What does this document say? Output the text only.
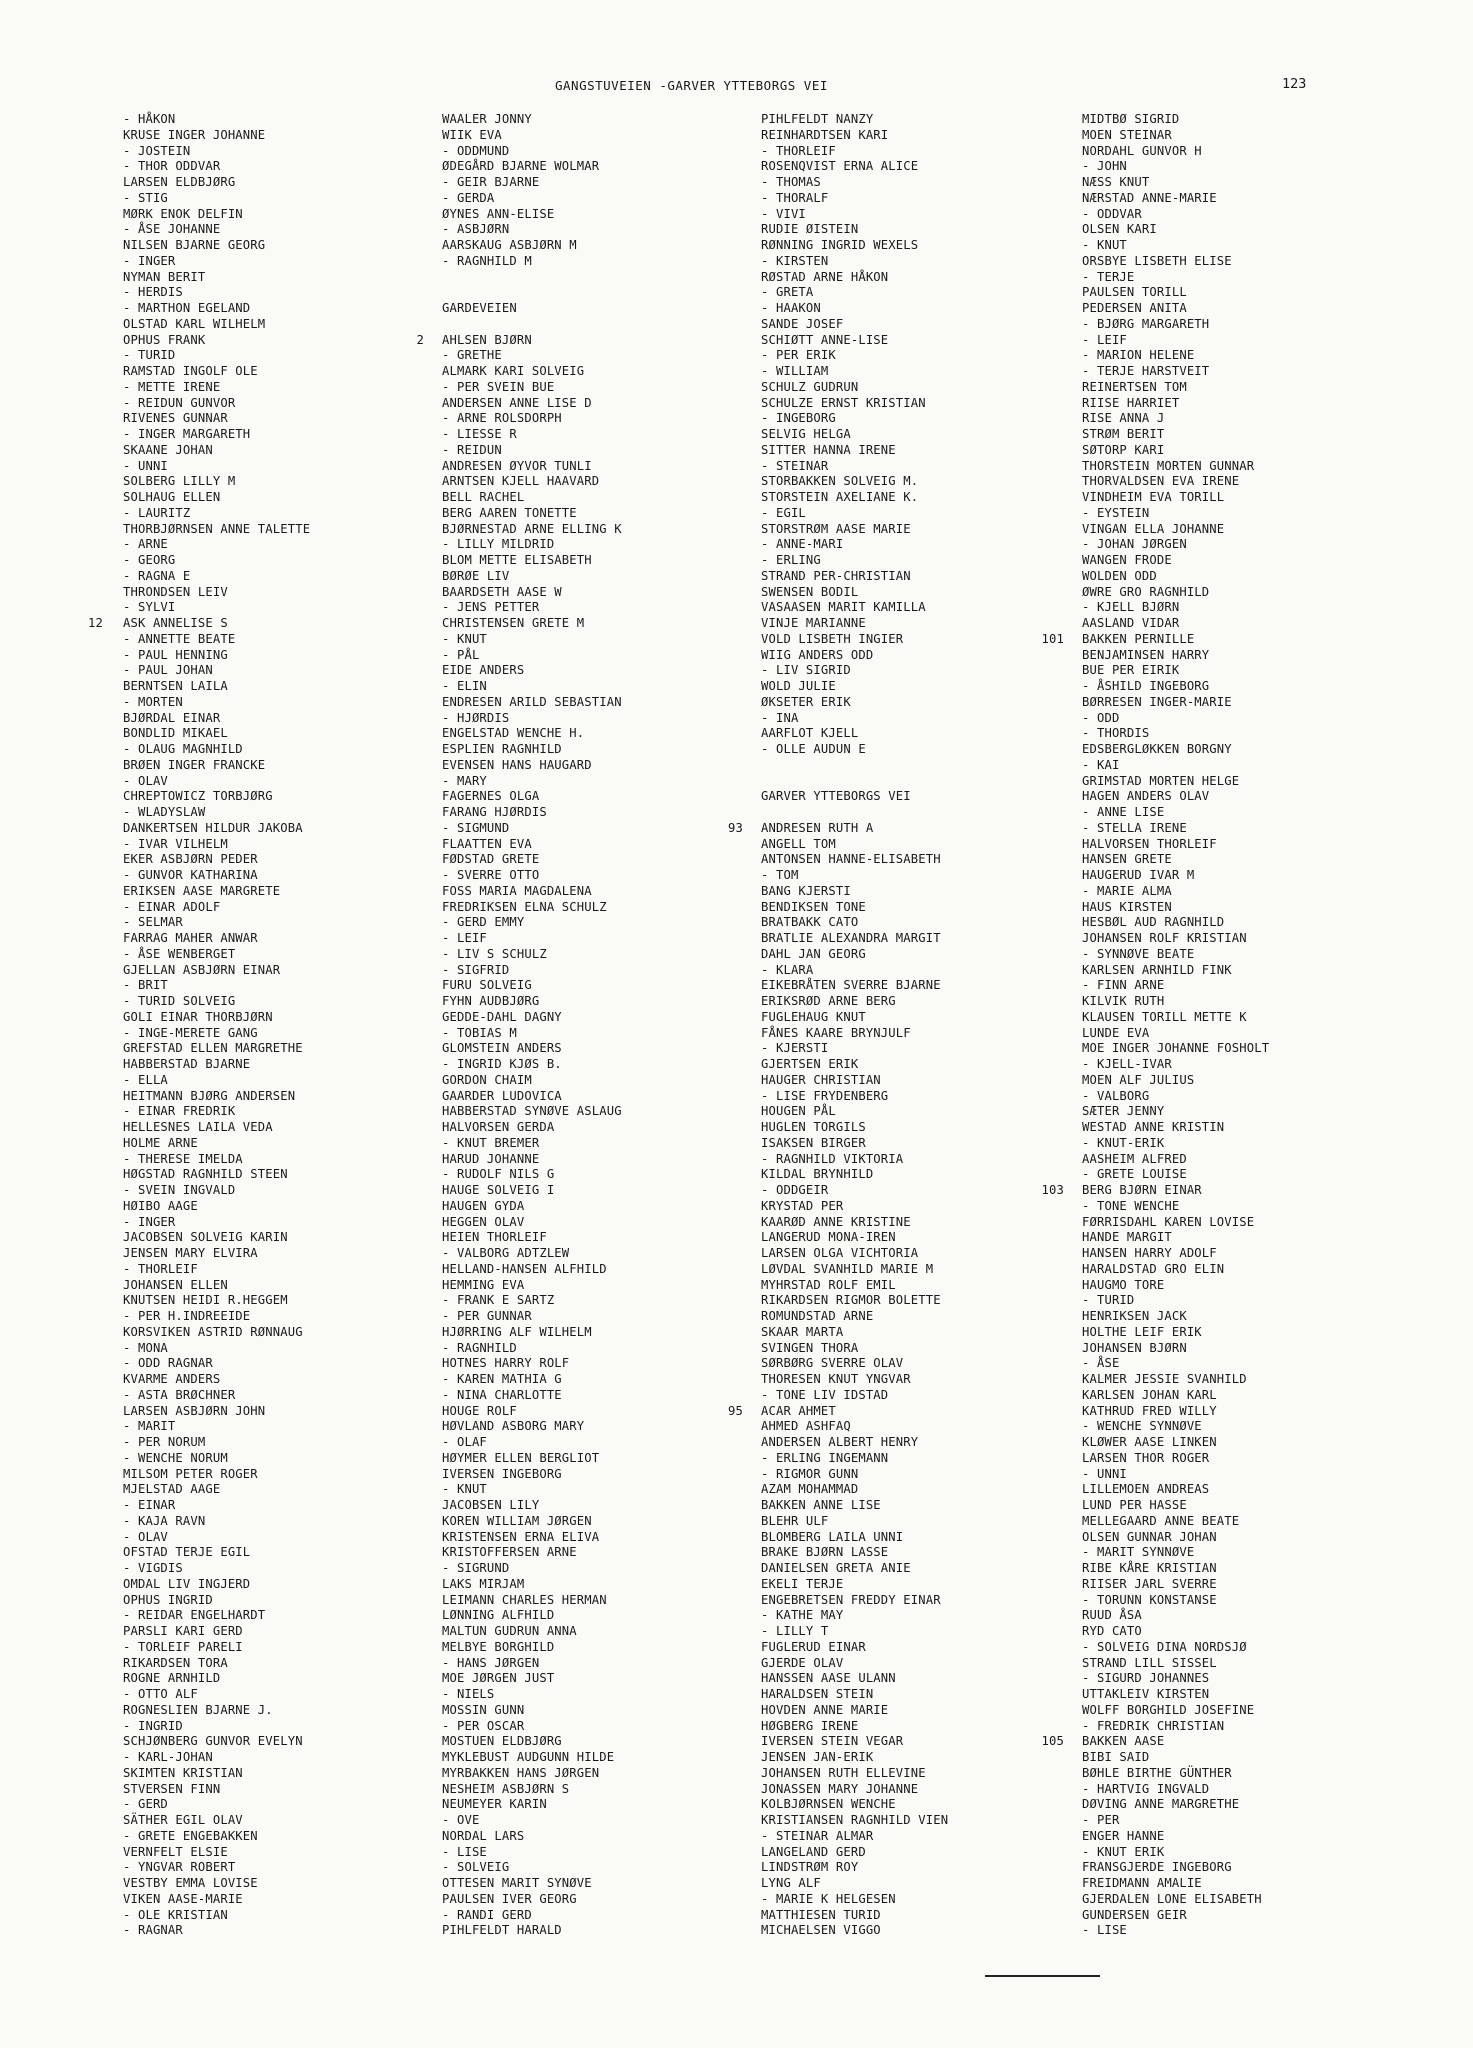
GANGSTUVEIEN -GARVER YTTEBORGS VEI	123
- HÅKON
KRUSE INGER JOHANNE
- JOSTEIN
- THOR ODDVAR
LARSEN ELDBJØRG
- STIG
MØRK ENOK DELFIN
- ÅSE JOHANNE
NILSEN BJARNE GEORG
- INGER
NYMAN BERIT
- HERDIS
- MARTHON EGELAND
OLSTAD KARL WILHELM
OPHUS FRANK
- TURID
RAMSTAD INGOLF OLE
- METTE IRENE
- REIDUN GUNVOR
RIVENES GUNNAR
- INGER MARGARETH
SKAANE JOHAN
- UNNI
SOLBERG LILLY M
SOLHAUG ELLEN
- LAURITZ
THORBJØRNSEN ANNE TALETTE
- ARNE
- GEORG
- RAGNA E
THRONDSEN LEIV
- SYLVI
12 ASK ANNELISE S
- ANNETTE BEATE
- PAUL HENNING
- PAUL JOHAN
BERNTSEN LAILA
- MORTEN
BJØRDAL EINAR
BONDLID MIKAEL
- OLAUG MAGNHILD
BRØEN INGER FRANCKE
- OLAV
CHREPTOWICZ TORBJØRG
- WLADYSLAW
DANKERTSEN HILDUR JAKOBA
- IVAR VILHELM
EKER ASBJØRN PEDER
- GUNVOR KATHARINA
ERIKSEN AASE MARGRETE
- EINAR ADOLF
- SELMAR
FARRAG MAHER ANWAR
- ÅSE WENBERGET
GJELLAN ASBJØRN EINAR
- BRIT
- TURID SOLVEIG
GOLI EINAR THORBJØRN
- INGE-MERETE GANG
GREFSTAD ELLEN MARGRETHE
HABBERSTAD BJARNE
- ELLA
HEITMANN BJØRG ANDERSEN
- EINAR FREDRIK
HELLESNES LAILA VEDA
HOLME ARNE
- THERESE IMELDA
HØGSTAD RAGNHILD STEEN
- SVEIN INGVALD
HØIBO AAGE
- INGER
JACOBSEN SOLVEIG KARIN
JENSEN MARY ELVIRA
- THORLEIF
JOHANSEN ELLEN
KNUTSEN HEIDI R.HEGGEM
- PER H.INDREEIDE
KORSVIKEN ASTRID RØNNAUG
- MONA
- ODD RAGNAR
KVARME ANDERS
- ASTA BRØCHNER
LARSEN ASBJØRN JOHN
- MARIT
- PER NORUM
- WENCHE NORUM
MILSOM PETER ROGER
MJELSTAD AAGE
- EINAR
- KAJA RAVN
- OLAV
OFSTAD TERJE EGIL
- VIGDIS
OMDAL LIV INGJERD
OPHUS INGRID
- REIDAR ENGELHARDT
PARSLI KARI GERD
- TORLEIF PARELI
RIKARDSEN TORA
ROGNE ARNHILD
- OTTO ALF
ROGNESLIEN BJARNE J.
- INGRID
SCHJØNBERG GUNVOR EVELYN
- KARL-JOHAN
SKIMTEN KRISTIAN
STVERSEN FINN
- GERD
SÄTHER EGIL OLAV
- GRETE ENGEBAKKEN
VERNFELT ELSIE
- YNGVAR ROBERT
VESTBY EMMA LOVISE
VIKEN AASE-MARIE
- OLE KRISTIAN
- RAGNAR
WAALER JONNY
WIIK EVA
- ODDMUND
ØDEGÅRD BJARNE WOLMAR
- GEIR BJARNE
- GERDA
ØYNES ANN-ELISE
- ASBJØRN
AARSKAUG ASBJØRN M
- RAGNHILD M
GARDEVEIEN
2 AHLSEN BJØRN
- GRETHE
ALMARK KARI SOLVEIG
- PER SVEIN BUE
ANDERSEN ANNE LISE D
- ARNE ROLSDORPH
- LIESSE R
- REIDUN
ANDRESEN ØYVOR TUNLI
ARNTSEN KJELL HAAVARD
BELL RACHEL
BERG AAREN TONETTE
BJØRNESTAD ARNE ELLING K
- LILLY MILDRID
BLOM METTE ELISABETH
BØRØE LIV
BAARDSETH AASE W
- JENS PETTER
CHRISTENSEN GRETE M
- KNUT
- PÅL
EIDE ANDERS
- ELIN
ENDRESEN ARILD SEBASTIAN
- HJØRDIS
ENGELSTAD WENCHE H.
ESPLIEN RAGNHILD
EVENSEN HANS HAUGARD
- MARY
FAGERNES OLGA
FARANG HJØRDIS
- SIGMUND
FLAATTEN EVA
FØDSTAD GRETE
- SVERRE OTTO
FOSS MARIA MAGDALENA
FREDRIKSEN ELNA SCHULZ
- GERD EMMY
- LEIF
- LIV S SCHULZ
- SIGFRID
FURU SOLVEIG
FYHN AUDBJØRG
GEDDE-DAHL DAGNY
- TOBIAS M
GLOMSTEIN ANDERS
- INGRID KJØS B.
GORDON CHAIM
GAARDER LUDOVICA
HABBERSTAD SYNØVE ASLAUG
HALVORSEN GERDA
- KNUT BREMER
HARUD JOHANNE
- RUDOLF NILS G
HAUGE SOLVEIG I
HAUGEN GYDA
HEGGEN OLAV
HEIEN THORLEIF
- VALBORG ADTZLEW
HELLAND-HANSEN ALFHILD
HEMMING EVA
- FRANK E SARTZ
- PER GUNNAR
HJØRRING ALF WILHELM
- RAGNHILD
HOTNES HARRY ROLF
- KAREN MATHIA G
- NINA CHARLOTTE
HOUGE ROLF
HØVLAND ASBORG MARY
- OLAF
HØYMER ELLEN BERGLIOT
IVERSEN INGEBORG
- KNUT
JACOBSEN LILY
KOREN WILLIAM JØRGEN
KRISTENSEN ERNA ELIVA
KRISTOFFERSEN ARNE
- SIGRUND
LAKS MIRJAM
LEIMANN CHARLES HERMAN
LØNNING ALFHILD
MALTUN GUDRUN ANNA
MELBYE BORGHILD
- HANS JØRGEN
MOE JØRGEN JUST
- NIELS
MOSSIN GUNN
- PER OSCAR
MOSTUEN ELDBJØRG
MYKLEBUST AUDGUNN HILDE
MYRBAKKEN HANS JØRGEN
NESHEIM ASBJØRN S
NEUMEYER KARIN
- OVE
NORDAL LARS
- LISE
- SOLVEIG
OTTESEN MARIT SYNØVE
PAULSEN IVER GEORG
- RANDI GERD
PIHLFELDT HARALD
PIHLFELDT NANZY
REINHARDTSEN KARI
- THORLEIF
ROSENQVIST ERNA ALICE
- THOMAS
- THORALF
- VIVI
RUDIE ØISTEIN
RØNNING INGRID WEXELS
- KIRSTEN
RØSTAD ARNE HÅKON
- GRETA
- HAAKON
SANDE JOSEF
SCHIØTT ANNE-LISE
- PER ERIK
- WILLIAM
SCHULZ GUDRUN
SCHULZE ERNST KRISTIAN
- INGEBORG
SELVIG HELGA
SITTER HANNA IRENE
- STEINAR
STORBAKKEN SOLVEIG M.
STORSTEIN AXELIANE K.
- EGIL
STORSTRØM AASE MARIE
- ANNE-MARI
- ERLING
STRAND PER-CHRISTIAN
SWENSEN BODIL
VASAASEN MARIT KAMILLA
VINJE MARIANNE
VOLD LISBETH INGIER
WIIG ANDERS ODD
- LIV SIGRID
WOLD JULIE
ØKSETER ERIK
- INA
AARFLOT KJELL
- OLLE AUDUN E
GARVER YTTEBORGS VEI
93 ANDRESEN RUTH A
ANGELL TOM
ANTONSEN HANNE-ELISABETH
- TOM
BANG KJERSTI
BENDIKSEN TONE
BRATBAKK CATO
BRATLIE ALEXANDRA MARGIT
DAHL JAN GEORG
- KLARA
EIKEBRÅTEN SVERRE BJARNE
ERIKSRØD ARNE BERG
FUGLEHAUG KNUT
FÅNES KAARE BRYNJULF
- KJERSTI
GJERTSEN ERIK
HAUGER CHRISTIAN
- LISE FRYDENBERG
HOUGEN PÅL
HUGLEN TORGILS
ISAKSEN BIRGER
- RAGNHILD VIKTORIA
KILDAL BRYNHILD
- ODDGEIR
KRYSTAD PER
KAARØD ANNE KRISTINE
LANGERUD MONA-IREN
LARSEN OLGA VICHTORIA
LØVDAL SVANHILD MARIE M
MYHRSTAD ROLF EMIL
RIKARDSEN RIGMOR BOLETTE
ROMUNDSTAD ARNE
SKAAR MARTA
SVINGEN THORA
SØRBØRG SVERRE OLAV
THORESEN KNUT YNGVAR
- TONE LIV IDSTAD
95 ACAR AHMET
AHMED ASHFAQ
ANDERSEN ALBERT HENRY
- ERLING INGEMANN
- RIGMOR GUNN
AZAM MOHAMMAD
BAKKEN ANNE LISE
BLEHR ULF
BLOMBERG LAILA UNNI
BRAKE BJØRN LASSE
DANIELSEN GRETA ANIE
EKELI TERJE
ENGEBRETSEN FREDDY EINAR
- KATHE MAY
- LILLY T
FUGLERUD EINAR
GJERDE OLAV
HANSSEN AASE ULANN
HARALDSEN STEIN
HOVDEN ANNE MARIE
HØGBERG IRENE
IVERSEN STEIN VEGAR
JENSEN JAN-ERIK
JOHANSEN RUTH ELLEVINE
JONASSEN MARY JOHANNE
KOLBJØRNSEN WENCHE
KRISTIANSEN RAGNHILD VIEN
- STEINAR ALMAR
LANGELAND GERD
LINDSTRØM ROY
LYNG ALF
- MARIE K HELGESEN
MATTHIESEN TURID
MICHAELSEN VIGGO
MIDTBØ SIGRID
MOEN STEINAR
NORDAHL GUNVOR H
- JOHN
NÆSS KNUT
NÆRSTAD ANNE-MARIE
- ODDVAR
OLSEN KARI
- KNUT
ORSBYE LISBETH ELISE
- TERJE
PAULSEN TORILL
PEDERSEN ANITA
- BJØRG MARGARETH
- LEIF
- MARION HELENE
- TERJE HARSTVEIT
REINERTSEN TOM
RIISE HARRIET
RISE ANNA J
STRØM BERIT
SØTORP KARI
THORSTEIN MORTEN GUNNAR
THORVALDSEN EVA IRENE
VINDHEIM EVA TORILL
- EYSTEIN
VINGAN ELLA JOHANNE
- JOHAN JØRGEN
WANGEN FRODE
WOLDEN ODD
ØWRE GRO RAGNHILD
- KJELL BJØRN
AASLAND VIDAR
101 BAKKEN PERNILLE
BENJAMINSEN HARRY
BUE PER EIRIK
- ÅSHILD INGEBORG
BØRRESEN INGER-MARIE
- ODD
- THORDIS
EDSBERGLØKKEN BORGNY
- KAI
GRIMSTAD MORTEN HELGE
HAGEN ANDERS OLAV
- ANNE LISE
- STELLA IRENE
HALVORSEN THORLEIF
HANSEN GRETE
HAUGERUD IVAR M
- MARIE ALMA
HAUS KIRSTEN
HESBØL AUD RAGNHILD
JOHANSEN ROLF KRISTIAN
- SYNNØVE BEATE
KARLSEN ARNHILD FINK
- FINN ARNE
KILVIK RUTH
KLAUSEN TORILL METTE K
LUNDE EVA
MOE INGER JOHANNE FOSHOLT
- KJELL-IVAR
MOEN ALF JULIUS
- VALBORG
SÆTER JENNY
WESTAD ANNE KRISTIN
- KNUT-ERIK
AASHEIM ALFRED
- GRETE LOUISE
103 BERG BJØRN EINAR
- TONE WENCHE
FØRRISDAHL KAREN LOVISE
HANDE MARGIT
HANSEN HARRY ADOLF
HARALDSTAD GRO ELIN
HAUGMO TORE
- TURID
HENRIKSEN JACK
HOLTHE LEIF ERIK
JOHANSEN BJØRN
- ÅSE
KALMER JESSIE SVANHILD
KARLSEN JOHAN KARL
KATHRUD FRED WILLY
- WENCHE SYNNØVE
KLØWER AASE LINKEN
LARSEN THOR ROGER
- UNNI
LILLEMOEN ANDREAS
LUND PER HASSE
MELLEGAARD ANNE BEATE
OLSEN GUNNAR JOHAN
- MARIT SYNNØVE
RIBE KÅRE KRISTIAN
RIISER JARL SVERRE
- TORUNN KONSTANSE
RUUD ÅSA
RYD CATO
- SOLVEIG DINA NORDSJØ
STRAND LILL SISSEL
- SIGURD JOHANNES
UTTAKLEIV KIRSTEN
WOLFF BORGHILD JOSEFINE
- FREDRIK CHRISTIAN
105 BAKKEN AASE
BIBI SAID
BØHLE BIRTHE GÜNTHER
- HARTVIG INGVALD
DØVING ANNE MARGRETHE
- PER
ENGER HANNE
- KNUT ERIK
FRANSGJERDE INGEBORG
FREIDMANN AMALIE
GJERDALEN LONE ELISABETH
GUNDERSEN GEIR
- LISE
